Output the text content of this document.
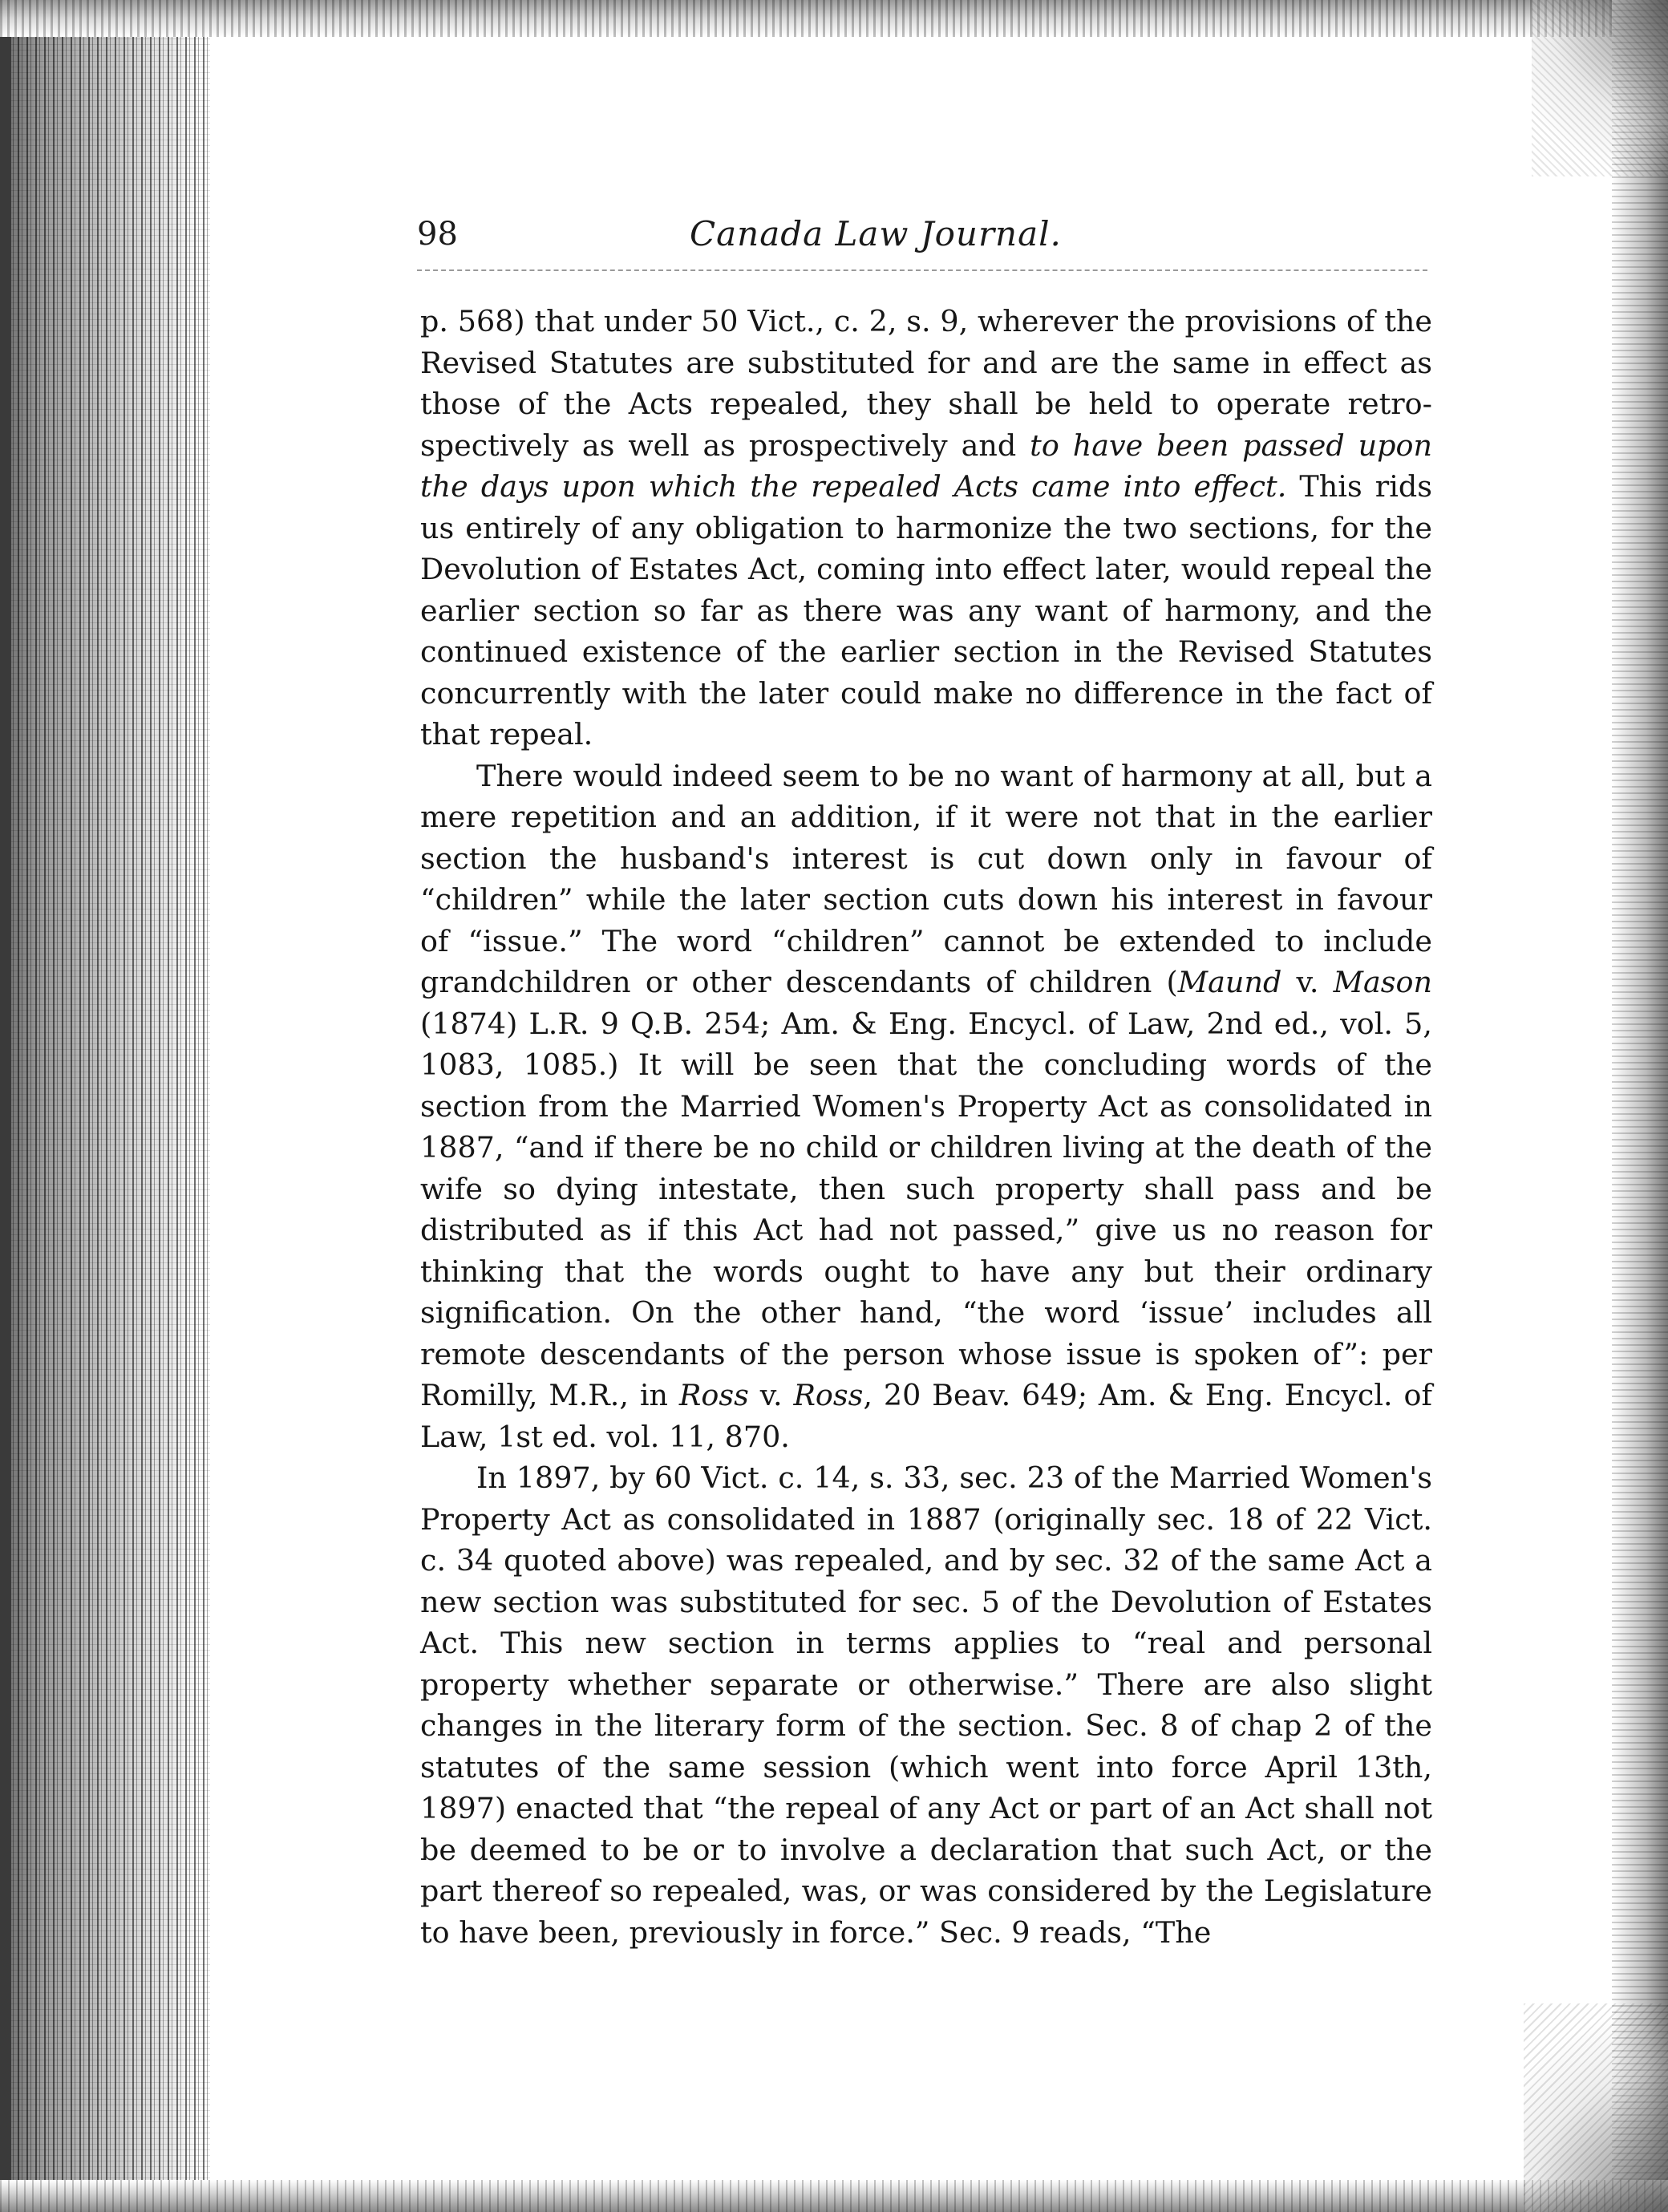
98	Canada Law Journal.

p. 568) that under 50 Vict., c. 2, s. 9, wherever the provisions of the Revised Statutes are substituted for and are the same in effect as those of the Acts repealed, they shall be held to operate retro-spectively as well as prospectively and to have been passed upon the days upon which the repealed Acts came into effect. This rids us entirely of any obligation to harmonize the two sections, for the Devolution of Estates Act, coming into effect later, would repeal the earlier section so far as there was any want of harmony, and the continued existence of the earlier section in the Revised Statutes concurrently with the later could make no difference in the fact of that repeal.

There would indeed seem to be no want of harmony at all, but a mere repetition and an addition, if it were not that in the earlier section the husband's interest is cut down only in favour of “children” while the later section cuts down his interest in favour of “issue.” The word “children” cannot be extended to include grandchildren or other descendants of children (Maund v. Mason (1874) L.R. 9 Q.B. 254; Am. & Eng. Encycl. of Law, 2nd ed., vol. 5, 1083, 1085.) It will be seen that the concluding words of the section from the Married Women's Property Act as consolidated in 1887, “and if there be no child or children living at the death of the wife so dying intestate, then such property shall pass and be distributed as if this Act had not passed,” give us no reason for thinking that the words ought to have any but their ordinary signification. On the other hand, “the word ‘issue’ includes all remote descendants of the person whose issue is spoken of”: per Romilly, M.R., in Ross v. Ross, 20 Beav. 649; Am. & Eng. Encycl. of Law, 1st ed. vol. 11, 870.

In 1897, by 60 Vict. c. 14, s. 33, sec. 23 of the Married Women's Property Act as consolidated in 1887 (originally sec. 18 of 22 Vict. c. 34 quoted above) was repealed, and by sec. 32 of the same Act a new section was substituted for sec. 5 of the Devolution of Estates Act. This new section in terms applies to “real and personal property whether separate or otherwise.” There are also slight changes in the literary form of the section. Sec. 8 of chap 2 of the statutes of the same session (which went into force April 13th, 1897) enacted that “the repeal of any Act or part of an Act shall not be deemed to be or to involve a declaration that such Act, or the part thereof so repealed, was, or was considered by the Legislature to have been, previously in force.” Sec. 9 reads, “The
